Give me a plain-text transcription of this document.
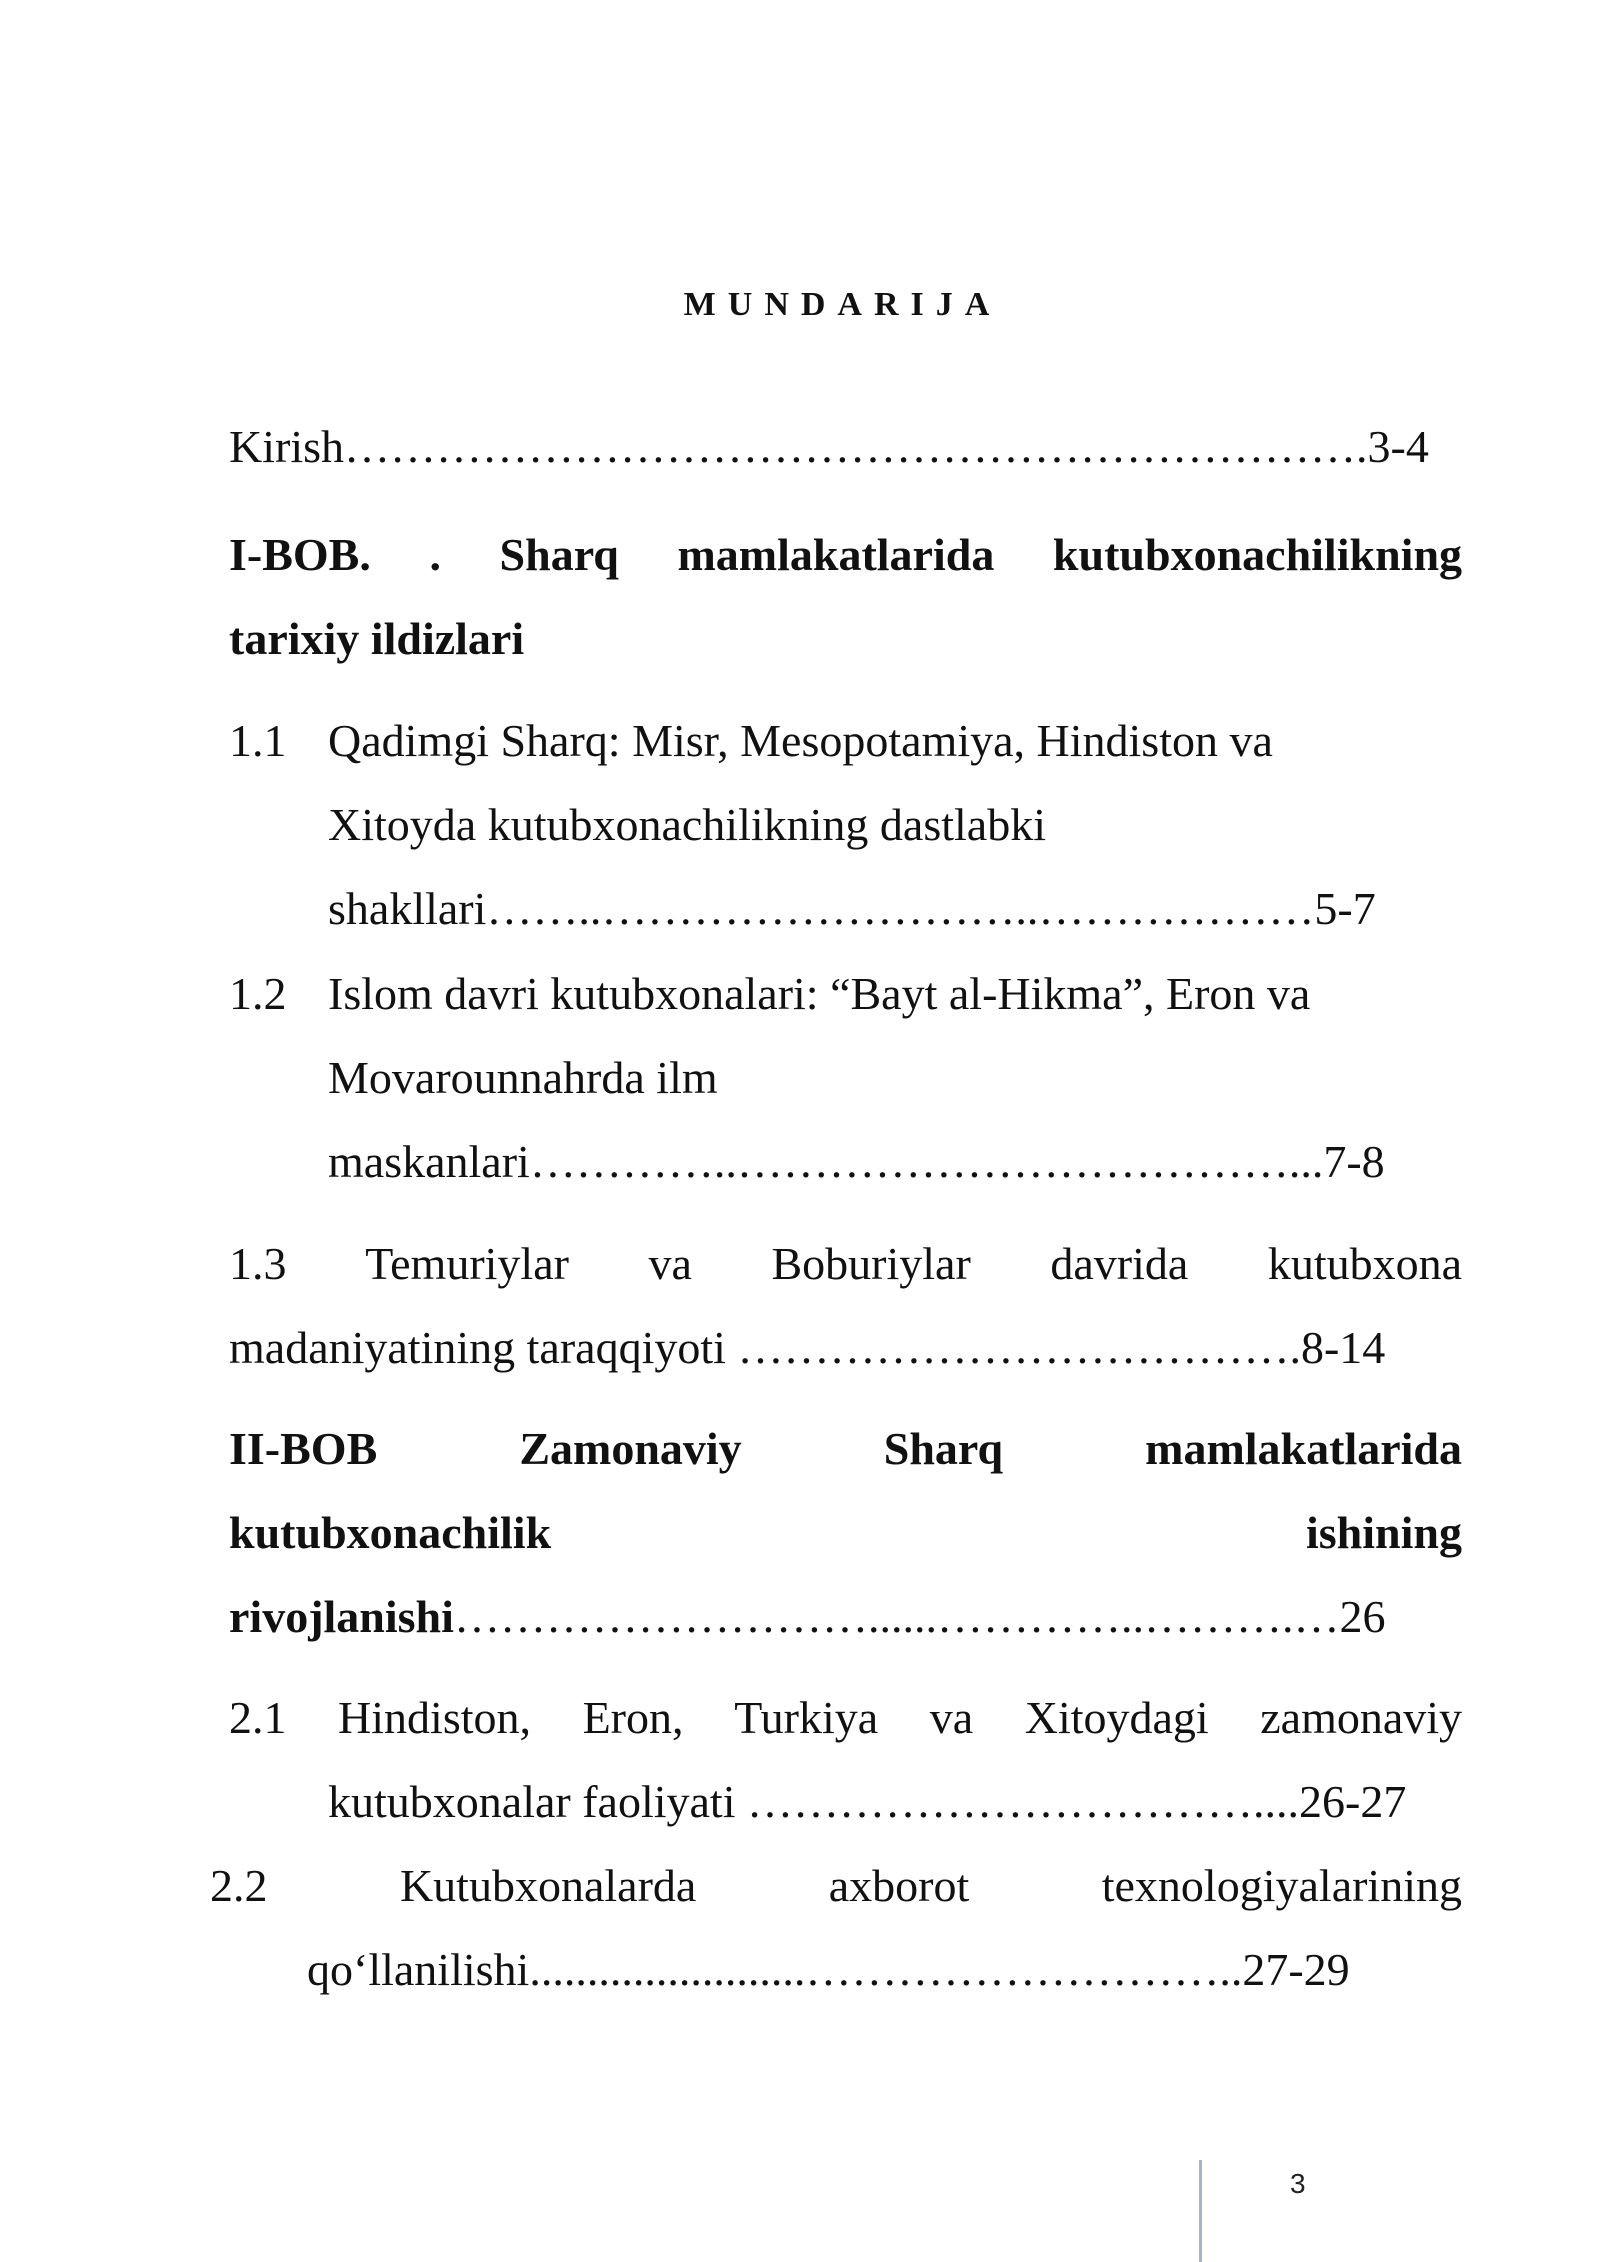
MUNDARIJA
Kirish………………………………………………………….3-4
I-BOB. . Sharq mamlakatlarida kutubxonachilikning
tarixiy ildizlari
1.1 Qadimgi Sharq: Misr, Mesopotamiya, Hindiston va
Xitoyda kutubxonachilikning dastlabki
shakllari……..………………………..………………5-7
1.2 Islom davri kutubxonalari: “Bayt al-Hikma”, Eron va
Movarounnahrda ilm
maskanlari…………..………………………………...7-8
1.3 Temuriylar va Boburiylar davrida kutubxona
madaniyatining taraqqiyoti ……………………………….8-14
II-BOB	Zamonaviy	Sharq	mamlakatlarida
kutubxonachilik	ishining
rivojlanishi………………………......…………..……….…26
2.1 Hindiston, Eron, Turkiya va Xitoydagi zamonaviy
kutubxonalar faoliyati ……………………………....26-27
2.2	Kutubxonalarda	axborot	texnologiyalarining
qo‘llanilishi........................………………………..27-29
3
